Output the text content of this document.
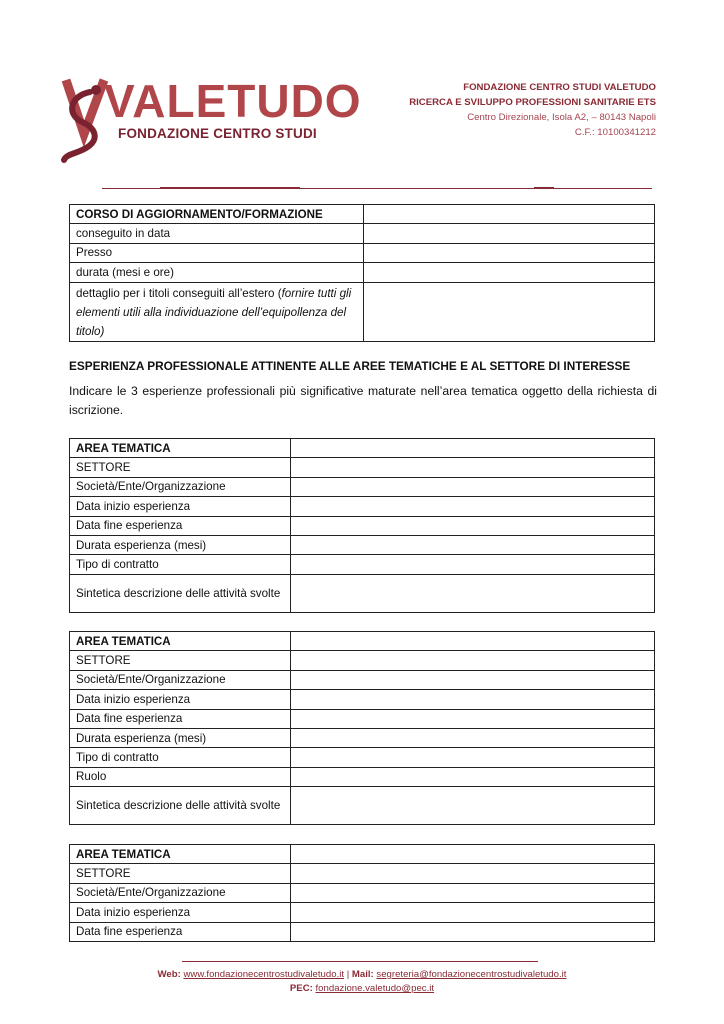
VALETUDO
FONDAZIONE CENTRO STUDI
FONDAZIONE CENTRO STUDI VALETUDO
RICERCA E SVILUPPO PROFESSIONI SANITARIE ETS
Centro Direzionale, Isola A2, – 80143 Napoli
C.F.: 10100341212
CORSO DI AGGIORNAMENTO/FORMAZIONE	
conseguito in data	
Presso	
durata (mesi e ore)	
dettaglio per i titoli conseguiti all’estero (fornire tutti gli elementi utili alla individuazione dell’equipollenza del titolo)	
ESPERIENZA PROFESSIONALE ATTINENTE ALLE AREE TEMATICHE E AL SETTORE DI INTERESSE
Indicare le 3 esperienze professionali più significative maturate nell’area tematica oggetto della richiesta di iscrizione.
AREA TEMATICA	
SETTORE	
Società/Ente/Organizzazione	
Data inizio esperienza	
Data fine esperienza	
Durata esperienza (mesi)	
Tipo di contratto	
Sintetica descrizione delle attività svolte	
AREA TEMATICA	
SETTORE	
Società/Ente/Organizzazione	
Data inizio esperienza	
Data fine esperienza	
Durata esperienza (mesi)	
Tipo di contratto	
Ruolo	
Sintetica descrizione delle attività svolte	
AREA TEMATICA	
SETTORE	
Società/Ente/Organizzazione	
Data inizio esperienza	
Data fine esperienza	
Web: www.fondazionecentrostudivaletudo.it | Mail: segreteria@fondazionecentrostudivaletudo.it
PEC: fondazione.valetudo@pec.it
